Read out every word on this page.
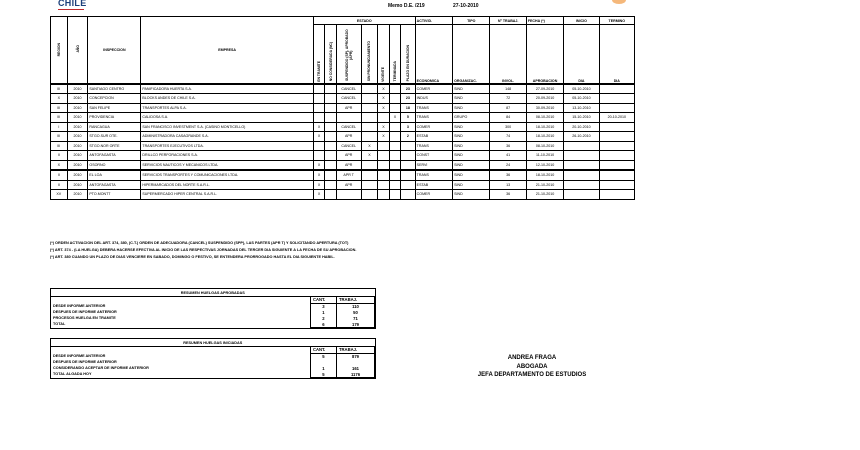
CHILE	Memo D.E. /219	27-10-2010
REGION	AÑO	INSPECCION	EMPRESA	ESTADO							ACTIVID.	TIPO	Nº TRABAJ.	FECHA (*)	INICIO	TERMINO
				EN TRAMITE	NO CONSIDERADA (NC)	SUSPENDIDO (SP), APROBADO (APR)	SIN PRONUNCIAMIENTO	VIGENTE	TERMINADA	PLAZO EN DURACION	ECONOMICA	ORGANIZAC.	INVOL.	APROBACION	DIA	DIA
III	2010	SANTIAGO CENTRO	PANIFICADORA HUERTA S.A.			CANCEL		X		23	COMER	SIND	148	27-09-2010	05-10-2010	
X	2010	CONCEPCION	BLOCKS ANDES DE CHILE S.A.			CANCEL		X		23	INDUS	SIND	72	20-09-2010	05-10-2010	
III	2010	SAN FELIPE	TRANSPORTES ALPA S.A.			APR		X		18	TRANS	SIND	87	30-09-2010	13-10-2010	
III	2010	PROVIDENCIA	CALIDOSA S.A.						X	5	TRANS	GRUPO	84	08-10-2010	15-10-2010	20-10-2010
I	2010	RANCAGUA	SAN FRANCISCO INVESTMENT S.A. (CASINO MONTICELLO)	X		CANCEL		X		3	COMER	SIND	300	18-10-2010	20-10-2010	
III	2010	STGO.SUR OTE.	ADMINISTRADORA CASAGRANDE S.A.	X		APR		X		2	ESTAB	SIND	74	18-10-2010	26-10-2010	
III	2010	STGO.NOR ORTE	TRANSPORTES EJECUTIVOS LTDA.			CANCEL	X				TRANS	SIND	36	08-10-2010		
II	2010	ANTOFAGASTA	DRILLCO PERFORACIONES S.A.			APR	X				CONST	SIND	41	11-10-2010		
X	2010	OSORNO	SERVICIOS NAUTICOS Y MECANICOS LTDA.	X		APR					SERVI	SIND	24	12-10-2010		
II	2010	EL LOA	SERVICIOS TRANSPORTES Y COMUNICACIONES LTDA.	X		APR T					TRANS	SIND	36	18-10-2010		
II	2010	ANTOFAGASTA	HIPERMARCADOS DEL NORTE S.A.R.L.	X		APR					ESTAB	SIND	13	21-10-2010		
XV	2010	PTO.MONTT	SUPERMERCADO HIPER CENTRAL S.A.R.L.	X							COMER	SIND	36	21-10-2010		
(*) ORDEN ACTIVACION DEL ART. 374, 380, (C.T.) ORDEN DE ADECUADORA (CANCEL) SUSPENDIDO (SPP), LAS PARTES (APR T) Y SOLICITANDO APERTURA (TOT)
(*) ART. 374 - (LA HUELGA) DEBERA HACERSE EFECTIVA AL INICIO DE LAS RESPECTIVAS JORNADAS DEL TERCER DIA SIGUIENTE A LA FECHA DE SU APROBACION.
(*) ART. 380 CUANDO UN PLAZO DE DIAS VENCIERE EN SABADO, DOMINGO O FESTIVO, SE ENTENDERA PRORROGADO HASTA EL DIA SIGUIENTE HABIL.
RESUMEN HUELGAS APROBADAS		
	CANT.	TRABAJ.
DESDE INFORME ANTERIOR	3	110
DESPUES DE INFORME ANTERIOR	1	50
PROCESOS HUELGA EN TRAMITE	2	71
TOTAL	6	179
RESUMEN HUELGAS INICIADAS		
	CANT.	TRABAJ.
DESDE INFORME ANTERIOR	5	879
DESPUES DE INFORME ANTERIOR		
CONSIDERANDO ACEPTAR DE INFORME ANTERIOR	1	161
TOTAL ALGADA HOY	5	1176
ANDREA FRAGA
ABOGADA
JEFA DEPARTAMENTO DE ESTUDIOS
